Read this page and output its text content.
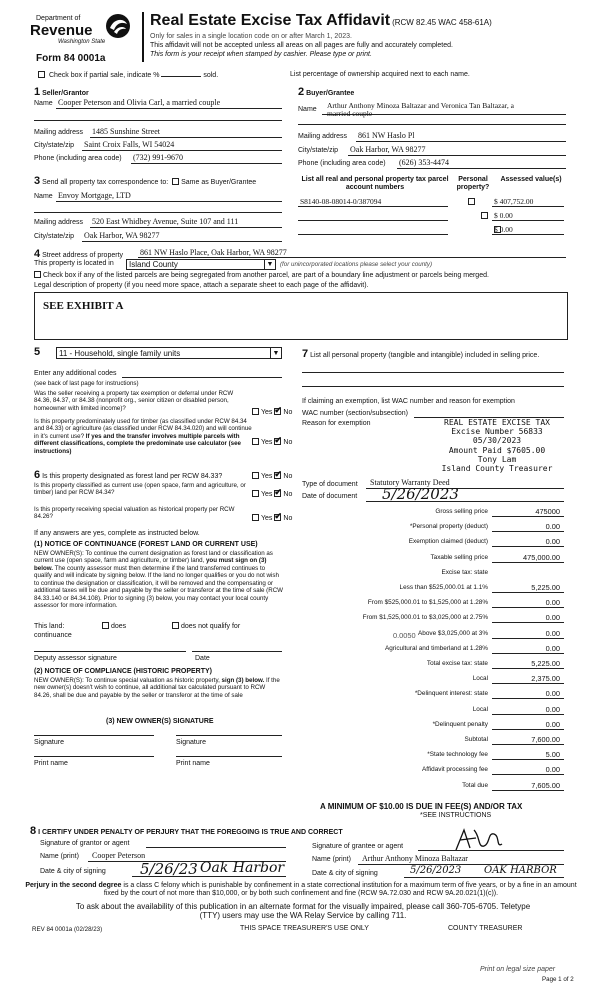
Department of
Revenue
Washington State
Form 84 0001a
Real Estate Excise Tax Affidavit (RCW 82.45 WAC 458-61A)
Only for sales in a single location code on or after March 1, 2023.
This affidavit will not be accepted unless all areas on all pages are fully and accurately completed.
This form is your receipt when stamped by cashier. Please type or print.
Check box if partial sale, indicate %	sold.	List percentage of ownership acquired next to each name.
1 Seller/Grantor
Name Cooper Peterson and Olivia Carl, a married couple
Mailing address 1485 Sunshine Street
City/state/zip Saint Croix Falls, WI 54024
Phone (including area code) (732) 991-9670
2 Buyer/Grantee
Name Arthur Anthony Minoza Baltazar and Veronica Tan Baltazar, a
married couple
Mailing address 861 NW Haslo Pl
City/state/zip Oak Harbor, WA 98277
Phone (including area code) (626) 353-4474
3 Send all property tax correspondence to: Same as Buyer/Grantee
Name Envoy Mortgage, LTD
Mailing address 520 East Whidbey Avenue, Suite 107 and 111
City/state/zip Oak Harbor, WA 98277
List all real and personal property tax parcel account numbers
Personal property?
Assessed value(s)
S8140-08-08014-0/387094
	$ 407,752.00

$ 0.00
$ 0.00
4 Street address of property 861 NW Haslo Place, Oak Harbor, WA 98277
This property is located in	Island County	▼ (for unincorporated locations please select your county)
Check box if any of the listed parcels are being segregated from another parcel, are part of a boundary line adjustment or parcels being merged.
Legal description of property (if you need more space, attach a separate sheet to each page of the affidavit).
SEE EXHIBIT A
5	11 - Household, single family units	▼
Enter any additional codes
(see back of last page for instructions)
Was the seller receiving a property tax exemption or deferral under RCW 84.36, 84.37, or 84.38 (nonprofit org., senior citizen or disabled person, homeowner with limited income)?
Yes ✔ No
Is this property predominately used for timber (as classified under RCW 84.34 and 84.33) or agriculture (as classified under RCW 84.34.020) and will continue in it's current use? If yes and the transfer involves multiple parcels with different classifications, complete the predominate use calculator (see instructions)
Yes ✔ No
6 Is this property designated as forest land per RCW 84.33?	Yes ✔ No
Is this property classified as current use (open space, farm and agriculture, or timber) land per RCW 84.34?	Yes ✔ No
Is this property receiving special valuation as historical property per RCW 84.26?	Yes ✔ No
If any answers are yes, complete as instructed below.
(1) NOTICE OF CONTINUANCE (FOREST LAND OR CURRENT USE)
NEW OWNER(S): To continue the current designation as forest land or classification as current use (open space, farm and agriculture, or timber) land, you must sign on (3) below. The county assessor must then determine if the land transferred continues to qualify and will indicate by signing below. If the land no longer qualifies or you do not wish to continue the designation or classification, it will be removed and the compensating or additional taxes will be due and payable by the seller or transferor at the time of sale (RCW 84.33.140 or 84.34.108). Prior to signing (3) below, you may contact your local county assessor for more information.
This land:	does	does not qualify for
continuance
Deputy assessor signature	Date
(2) NOTICE OF COMPLIANCE (HISTORIC PROPERTY)
NEW OWNER(S): To continue special valuation as historic property, sign (3) below. If the new owner(s) doesn't wish to continue, all additional tax calculated pursuant to RCW 84.26, shall be due and payable by the seller or transferor at the time of sale
(3) NEW OWNER(S) SIGNATURE
Signature	Signature
Print name	Print name
7 List all personal property (tangible and intangible) included in selling price.
If claiming an exemption, list WAC number and reason for exemption
WAC number (section/subsection)
Reason for exemption	REAL ESTATE EXCISE TAX
Excise Number 56833
05/30/2023
Amount Paid $7605.00
Tony Lam
Island County Treasurer
Type of document Statutory Warranty Deed
Date of document 5/26/2023
Gross selling price	475000
*Personal property (deduct)	0.00
Exemption claimed (deduct)	0.00
Taxable selling price	475,000.00
Excise tax: state
Less than $525,000.01 at 1.1%	5,225.00
From $525,000.01 to $1,525,000 at 1.28%	0.00
From $1,525,000.01 to $3,025,000 at 2.75%	0.00
Above $3,025,000 at 3%	0.00
Agricultural and timberland at 1.28%	0.00
Total excise tax: state	5,225.00
Local	2,375.00
*Delinquent interest: state	0.00
Local	0.00
*Delinquent penalty	0.00
Subtotal	7,600.00
*State technology fee	5.00
Affidavit processing fee	0.00
Total due	7,605.00
0.0050
A MINIMUM OF $10.00 IS DUE IN FEE(S) AND/OR TAX
*SEE INSTRUCTIONS
8 I CERTIFY UNDER PENALTY OF PERJURY THAT THE FOREGOING IS TRUE AND CORRECT
Signature of grantor or agent
Name (print) Cooper Peterson
Date & city of signing 5/26/23 Oak Harbor
Signature of grantee or agent
Name (print) Arthur Anthony Minoza Baltazar
Date & city of signing	5/26/2023 OAK HARBOR
Perjury in the second degree is a class C felony which is punishable by confinement in a state correctional institution for a maximum term of five years, or by a fine in an amount fixed by the court of not more than $10,000, or by both such confinement and fine (RCW 9A.72.030 and RCW 9A.20.021(1)(c)).
To ask about the availability of this publication in an alternate format for the visually impaired, please call 360-705-6705. Teletype
(TTY) users may use the WA Relay Service by calling 711.
REV 84 0001a (02/28/23)	THIS SPACE TREASURER'S USE ONLY	COUNTY TREASURER
Print on legal size paper
Page 1 of 2
